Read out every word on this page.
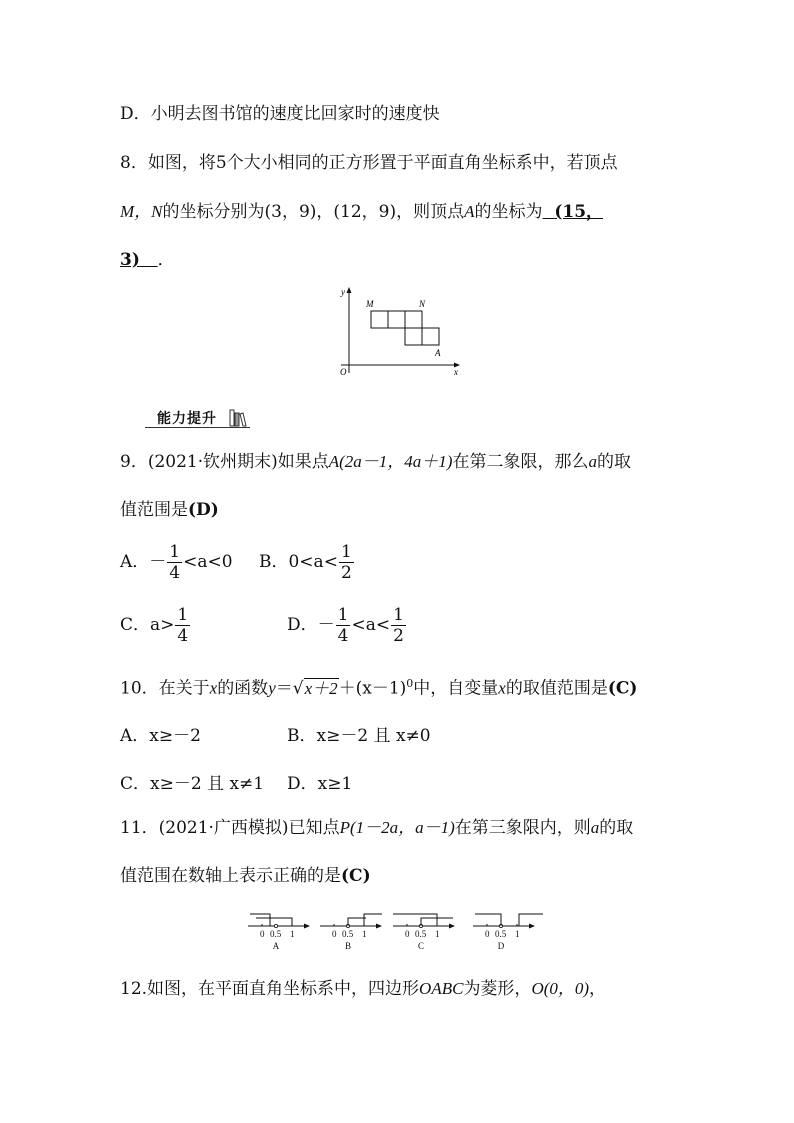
D．小明去图书馆的速度比回家时的速度快
8．如图，将5个大小相同的正方形置于平面直角坐标系中，若顶点
M，N的坐标分别为(3，9)，(12，9)，则顶点A的坐标为 (15，
3) ．
y
x
O
M	N
A
能力提升
9．(2021·钦州期末)如果点A(2a－1，4a＋1)在第二象限，那么a的取
值范围是(D)
A．－ $\frac{1}{4} <a<0$ B．$0<a< \frac{1}{2}$
C．$a> \frac{1}{4}$	D．－ $\frac{1}{4} <a< \frac{1}{2}$
10．在关于x的函数$y=√x+2+(x-1)^0$中，自变量x的取值范围是(C)
A．x≥－2	B．x≥－2 且 x≠0
C．x≥－2 且 x≠1 D．x≥1
11．(2021·广西模拟)已知点P(1－2a，a－1)在第三象限内，则a的取
值范围在数轴上表示正确的是(C)
0 0.5 1
A
0 0.5 1
B
0 0.5 1
C
0 0.5 1
D
12.如图，在平面直角坐标系中，四边形OABC为菱形，O(0，0)，
